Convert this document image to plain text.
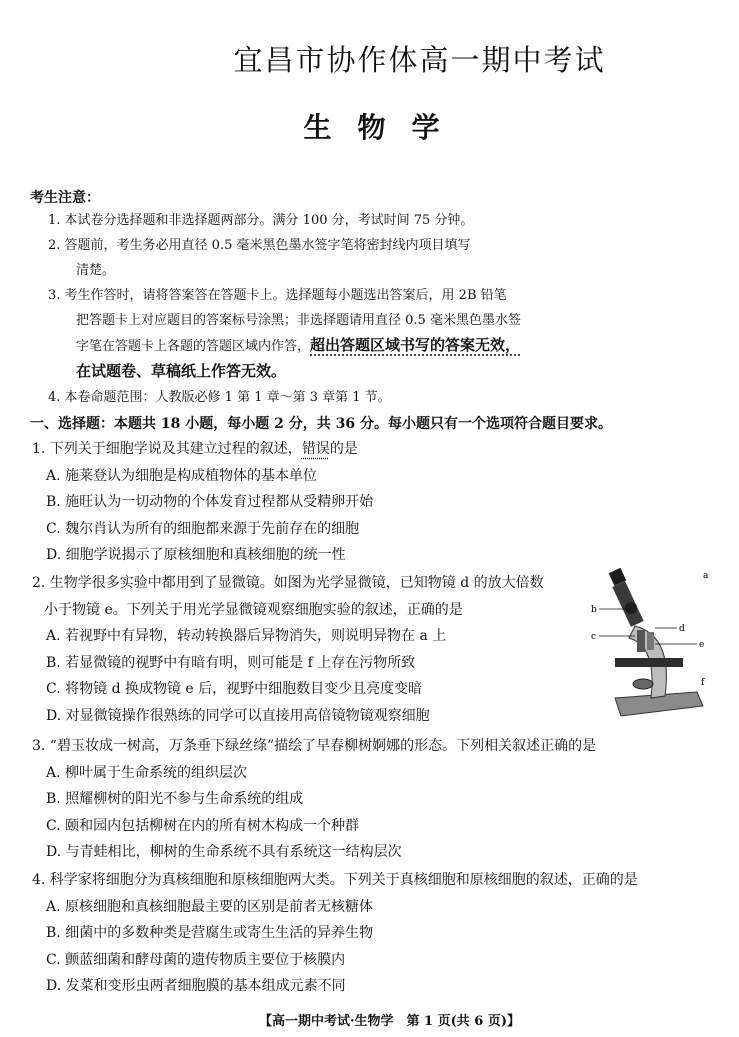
宜昌市协作体高一期中考试
生物学
考生注意：
1. 本试卷分选择题和非选择题两部分。满分 100 分，考试时间 75 分钟。
2. 答题前，考生务必用直径 0.5 毫米黑色墨水签字笔将密封线内项目填写
清楚。
3. 考生作答时，请将答案答在答题卡上。选择题每小题选出答案后，用 2B 铅笔
把答题卡上对应题目的答案标号涂黑；非选择题请用直径 0.5 毫米黑色墨水签
字笔在答题卡上各题的答题区域内作答，超出答题区域书写的答案无效，
在试题卷、草稿纸上作答无效。
4. 本卷命题范围：人教版必修 1 第 1 章～第 3 章第 1 节。
一、选择题：本题共 18 小题，每小题 2 分，共 36 分。每小题只有一个选项符合题目要求。
1. 下列关于细胞学说及其建立过程的叙述，错误的是
A. 施莱登认为细胞是构成植物体的基本单位
B. 施旺认为一切动物的个体发育过程都从受精卵开始
C. 魏尔肖认为所有的细胞都来源于先前存在的细胞
D. 细胞学说揭示了原核细胞和真核细胞的统一性
2. 生物学很多实验中都用到了显微镜。如图为光学显微镜，已知物镜 d 的放大倍数
小于物镜 e。下列关于用光学显微镜观察细胞实验的叙述，正确的是
A. 若视野中有异物，转动转换器后异物消失，则说明异物在 a 上
B. 若显微镜的视野中有暗有明，则可能是 f 上存在污物所致
C. 将物镜 d 换成物镜 e 后，视野中细胞数目变少且亮度变暗
D. 对显微镜操作很熟练的同学可以直接用高倍镜物镜观察细胞
a
b
c
d
e
f
3. “碧玉妆成一树高，万条垂下绿丝绦”描绘了早春柳树婀娜的形态。下列相关叙述正确的是
A. 柳叶属于生命系统的组织层次
B. 照耀柳树的阳光不参与生命系统的组成
C. 颐和园内包括柳树在内的所有树木构成一个种群
D. 与青蛙相比，柳树的生命系统不具有系统这一结构层次
4. 科学家将细胞分为真核细胞和原核细胞两大类。下列关于真核细胞和原核细胞的叙述，正确的是
A. 原核细胞和真核细胞最主要的区别是前者无核糖体
B. 细菌中的多数种类是营腐生或寄生生活的异养生物
C. 颤蓝细菌和酵母菌的遗传物质主要位于核膜内
D. 发菜和变形虫两者细胞膜的基本组成元素不同
【高一期中考试·生物学　第 1 页(共 6 页)】
